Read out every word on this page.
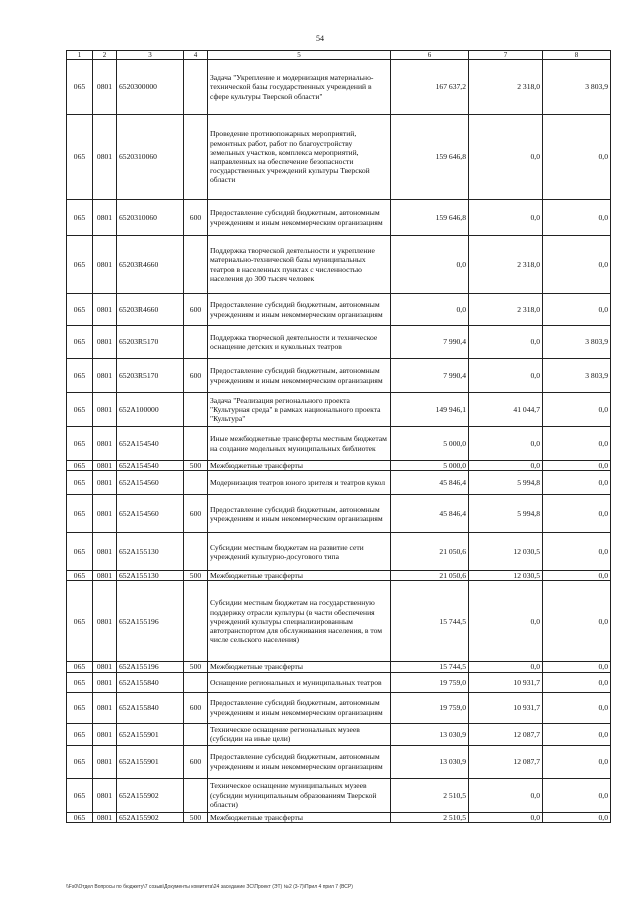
54
1	2	3	4	5	6	7	8
065	0801	6520300000		Задача "Укрепление и модернизация материально-технической базы государственных учреждений в сфере культуры Тверской области"	167 637,2	2 318,0	3 803,9
065	0801	6520310060		Проведение противопожарных мероприятий, ремонтных работ, работ по благоустройству земельных участков, комплекса мероприятий, направленных на обеспечение безопасности государственных учреждений культуры Тверской области	159 646,8	0,0	0,0
065	0801	6520310060	600	Предоставление субсидий бюджетным, автономным учреждениям и иным некоммерческим организациям	159 646,8	0,0	0,0
065	0801	65203R4660		Поддержка творческой деятельности и укрепление материально-технической базы муниципальных театров в населенных пунктах с численностью населения до 300 тысяч человек	0,0	2 318,0	0,0
065	0801	65203R4660	600	Предоставление субсидий бюджетным, автономным учреждениям и иным некоммерческим организациям	0,0	2 318,0	0,0
065	0801	65203R5170		Поддержка творческой деятельности и техническое оснащение детских и кукольных театров	7 990,4	0,0	3 803,9
065	0801	65203R5170	600	Предоставление субсидий бюджетным, автономным учреждениям и иным некоммерческим организациям	7 990,4	0,0	3 803,9
065	0801	652A100000		Задача "Реализация регионального проекта "Культурная среда" в рамках национального проекта "Культура"	149 946,1	41 044,7	0,0
065	0801	652A154540		Иные межбюджетные трансферты местным бюджетам на создание модельных муниципальных библиотек	5 000,0	0,0	0,0
065	0801	652A154540	500	Межбюджетные трансферты	5 000,0	0,0	0,0
065	0801	652A154560		Модернизация театров юного зрителя и театров кукол	45 846,4	5 994,8	0,0
065	0801	652A154560	600	Предоставление субсидий бюджетным, автономным учреждениям и иным некоммерческим организациям	45 846,4	5 994,8	0,0
065	0801	652A155130		Субсидии местным бюджетам на развитие сети учреждений культурно-досугового типа	21 050,6	12 030,5	0,0
065	0801	652A155130	500	Межбюджетные трансферты	21 050,6	12 030,5	0,0
065	0801	652A155196		Субсидии местным бюджетам на государственную поддержку отрасли культуры (в части обеспечения учреждений культуры специализированным автотранспортом для обслуживания населения, в том числе сельского населения)	15 744,5	0,0	0,0
065	0801	652A155196	500	Межбюджетные трансферты	15 744,5	0,0	0,0
065	0801	652A155840		Оснащение региональных и муниципальных театров	19 759,0	10 931,7	0,0
065	0801	652A155840	600	Предоставление субсидий бюджетным, автономным учреждениям и иным некоммерческим организациям	19 759,0	10 931,7	0,0
065	0801	652A155901		Техническое оснащение региональных музеев (субсидии на иные цели)	13 030,9	12 087,7	0,0
065	0801	652A155901	600	Предоставление субсидий бюджетным, автономным учреждениям и иным некоммерческим организациям	13 030,9	12 087,7	0,0
065	0801	652A155902		Техническое оснащение муниципальных музеев (субсидии муниципальным образованиям Тверской области)	2 510,5	0,0	0,0
065	0801	652A155902	500	Межбюджетные трансферты	2 510,5	0,0	0,0
\\Fs0\Отдел Вопросы по бюджету\7 созыв\Документы комитета\24 заседание ЗС\Проект (ЭТ) №2 (3-7)\Прил 4 прил 7 (ВСР)
